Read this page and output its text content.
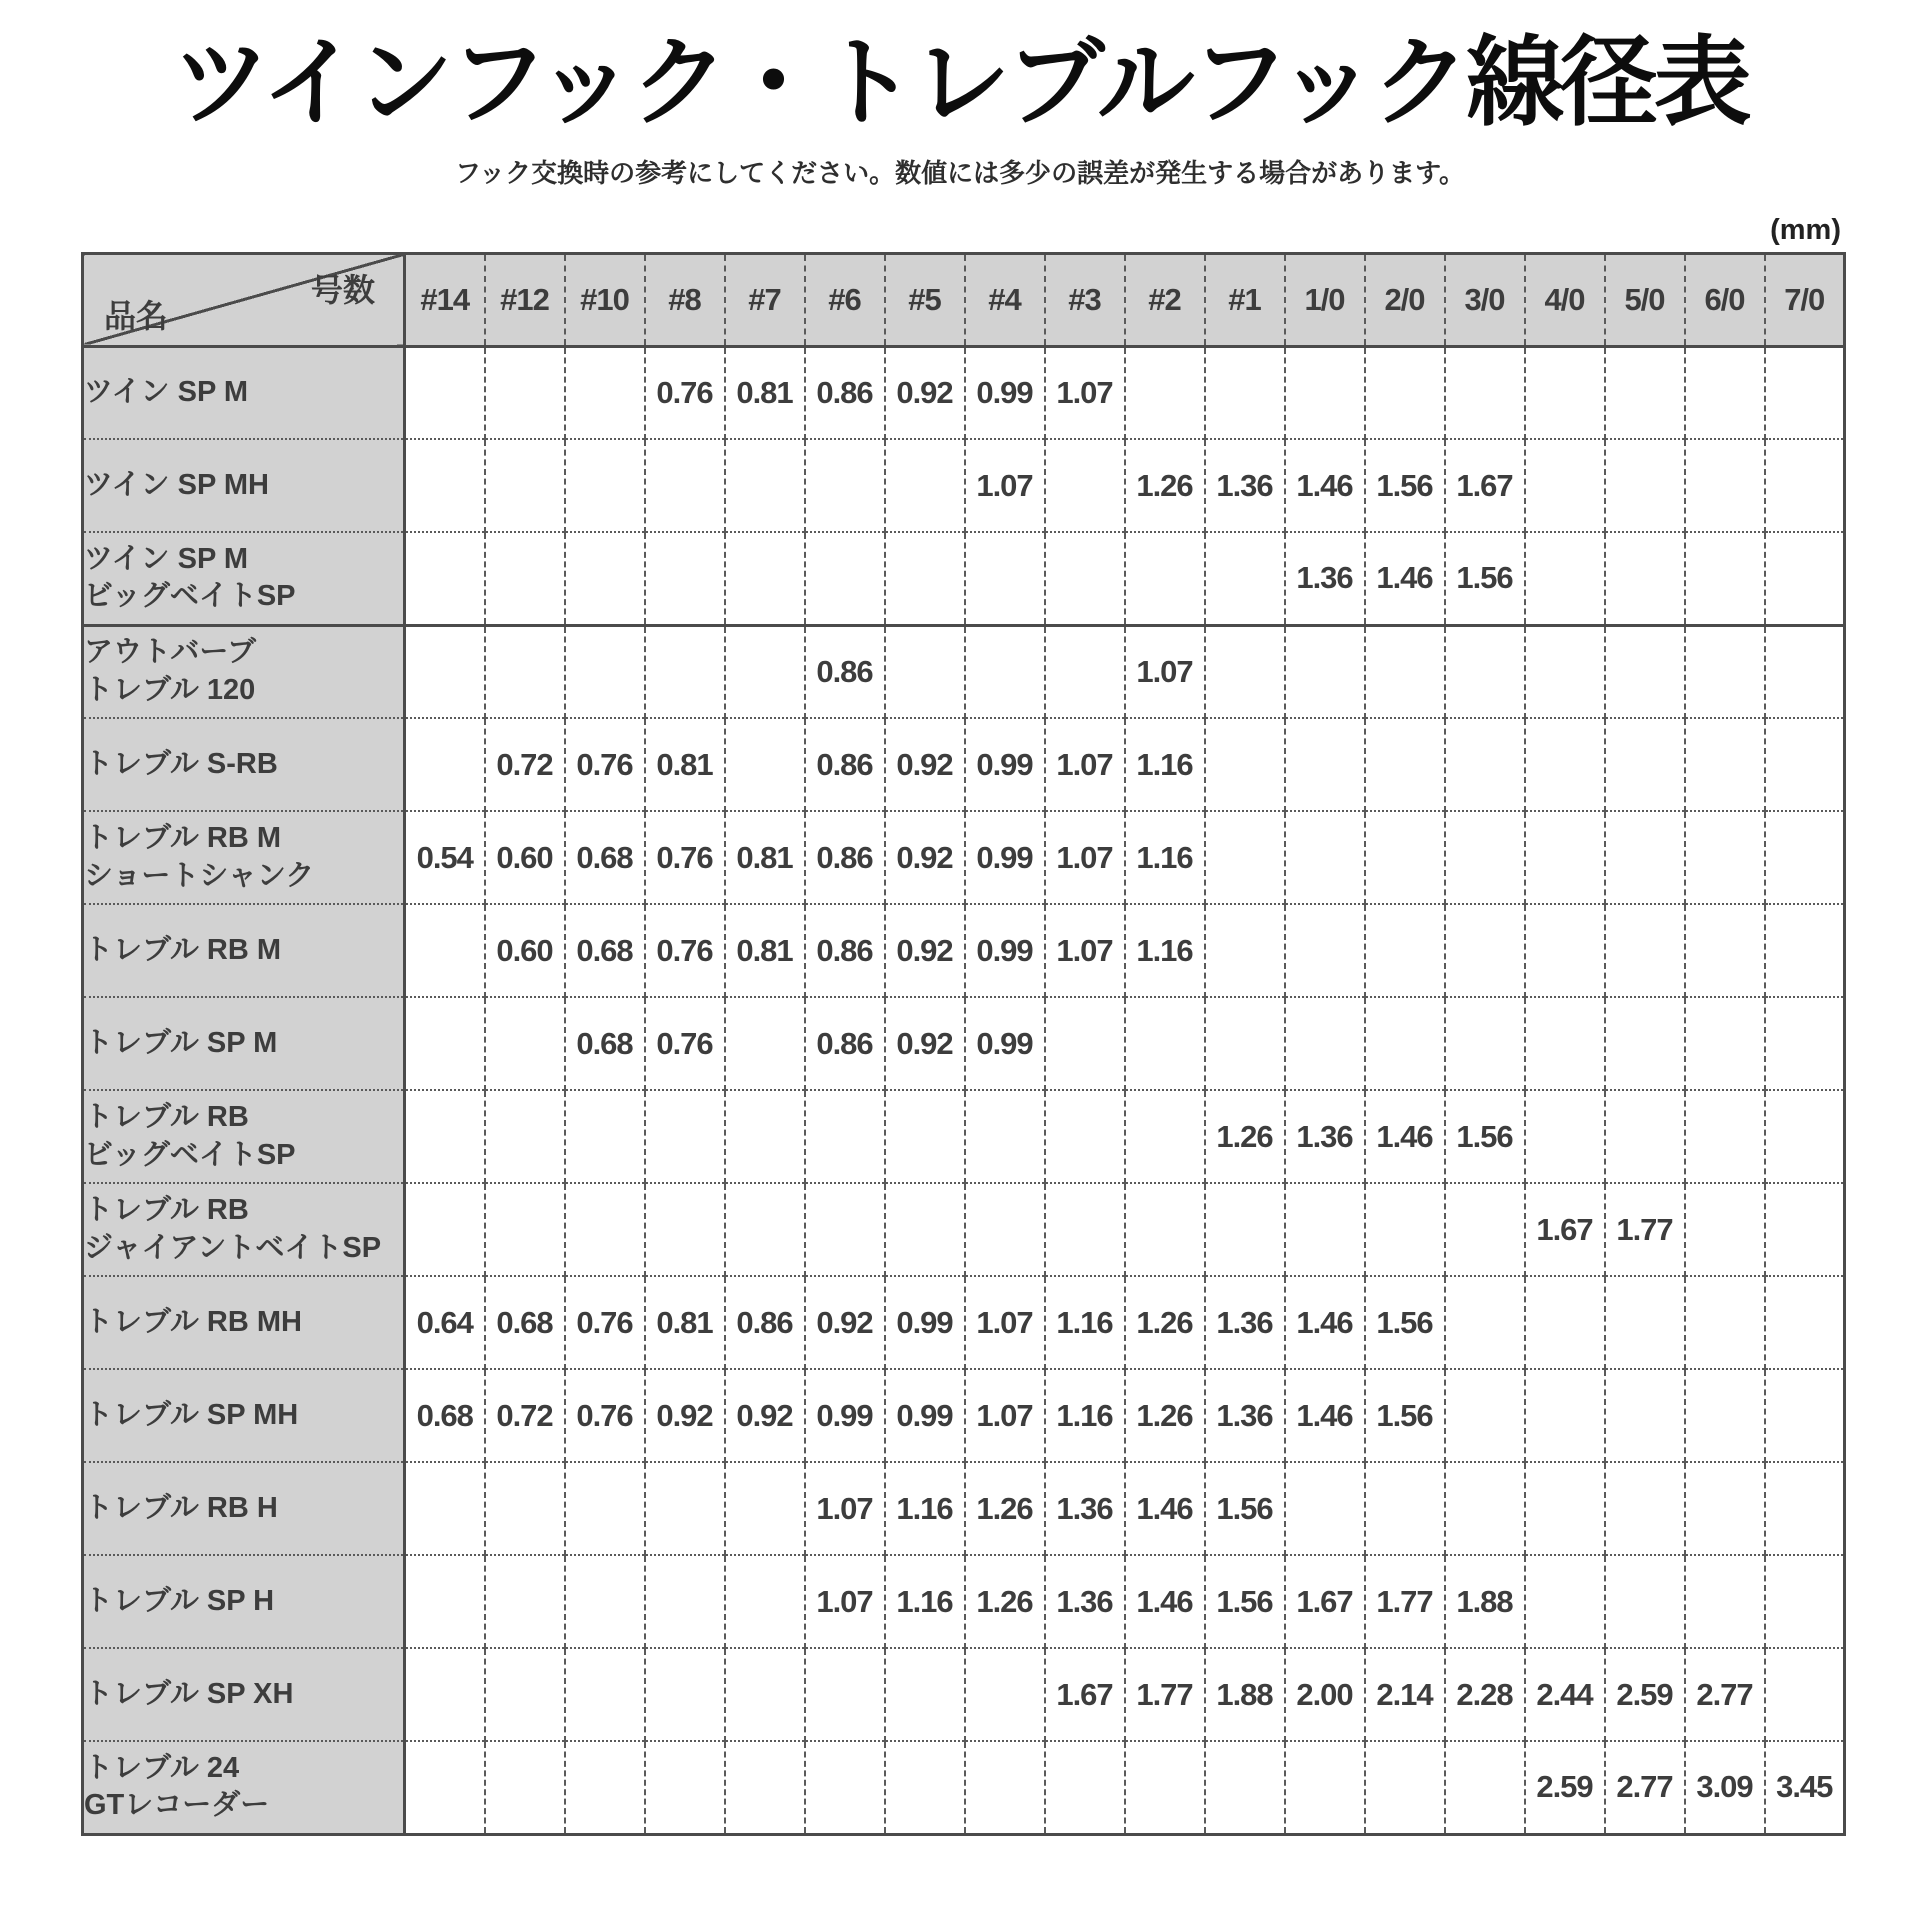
ツインフック・トレブルフック線径表
フック交換時の参考にしてください。数値には多少の誤差が発生する場合があります。
(mm)
号数
品名	#14	#12	#10	#8	#7	#6	#5	#4	#3	#2	#1	1/0	2/0	3/0	4/0	5/0	6/0	7/0
ツイン SP M				0.76	0.81	0.86	0.92	0.99	1.07									
ツイン SP MH								1.07		1.26	1.36	1.46	1.56	1.67				
ツイン SP M
ビッグベイトSP												1.36	1.46	1.56				
アウトバーブ
トレブル 120						0.86				1.07								
トレブル S-RB		0.72	0.76	0.81		0.86	0.92	0.99	1.07	1.16								
トレブル RB M
ショートシャンク	0.54	0.60	0.68	0.76	0.81	0.86	0.92	0.99	1.07	1.16								
トレブル RB M		0.60	0.68	0.76	0.81	0.86	0.92	0.99	1.07	1.16								
トレブル SP M			0.68	0.76		0.86	0.92	0.99										
トレブル RB
ビッグベイトSP											1.26	1.36	1.46	1.56				
トレブル RB
ジャイアントベイトSP															1.67	1.77		
トレブル RB MH	0.64	0.68	0.76	0.81	0.86	0.92	0.99	1.07	1.16	1.26	1.36	1.46	1.56					
トレブル SP MH	0.68	0.72	0.76	0.92	0.92	0.99	0.99	1.07	1.16	1.26	1.36	1.46	1.56					
トレブル RB H						1.07	1.16	1.26	1.36	1.46	1.56							
トレブル SP H						1.07	1.16	1.26	1.36	1.46	1.56	1.67	1.77	1.88				
トレブル SP XH									1.67	1.77	1.88	2.00	2.14	2.28	2.44	2.59	2.77	
トレブル 24
GTレコーダー															2.59	2.77	3.09	3.45
